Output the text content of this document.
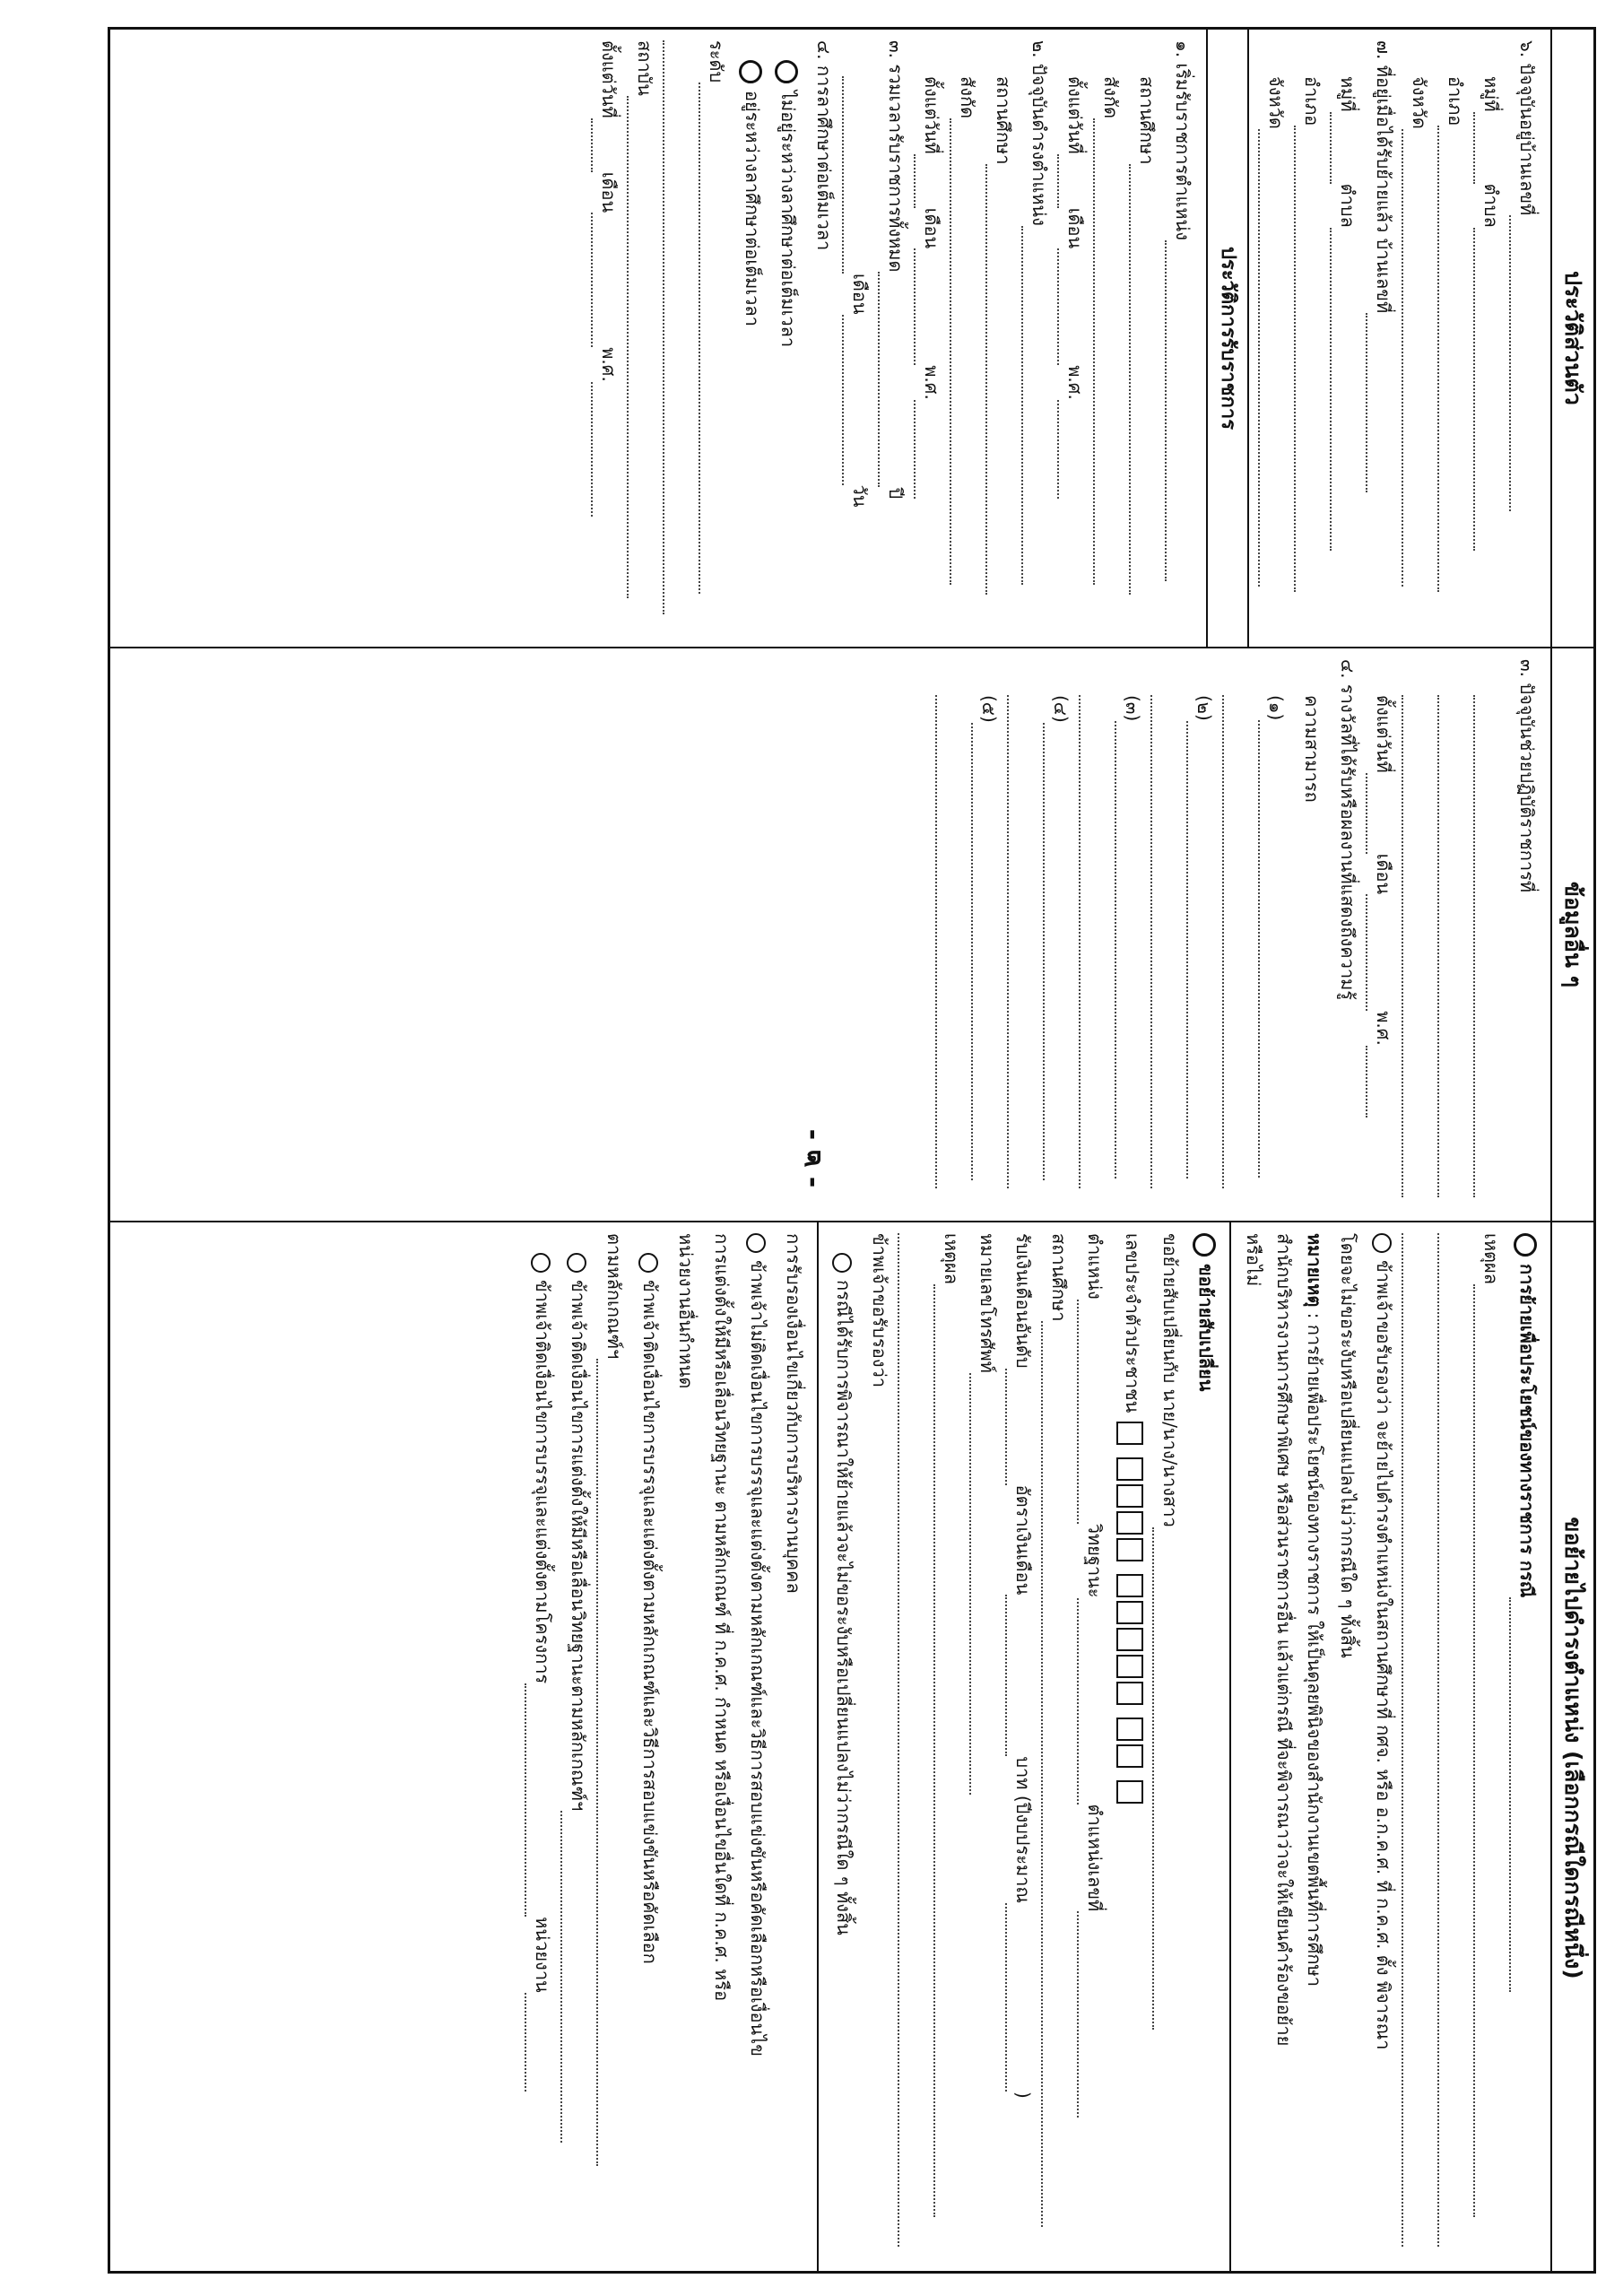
- ๒ -
ประวัติส่วนตัว
๖. ปัจจุบันอยู่บ้านเลขที่
หมู่ที่ตำบล
อำเภอ
จังหวัด
๗. ที่อยู่เมื่อได้รับย้ายแล้ว บ้านเลขที่
หมู่ที่ตำบล
อำเภอ
จังหวัด
ประวัติการรับราชการ
๑. เริ่มรับราชการตำแหน่ง
สถานศึกษา
สังกัด
ตั้งแต่วันที่เดือนพ.ศ.
๒. ปัจจุบันดำรงตำแหน่ง
สถานศึกษา
สังกัด
ตั้งแต่วันที่เดือนพ.ศ.
๓. รวมเวลารับราชการทั้งหมดปี
เดือนวัน
๔. การลาศึกษาต่อเต็มเวลา
ไม่อยู่ระหว่างลาศึกษาต่อเต็มเวลา
อยู่ระหว่างลาศึกษาต่อเต็มเวลา
ระดับ
สถาบัน
ตั้งแต่วันที่เดือนพ.ศ.
ข้อมูลอื่น ๆ
๓. ปัจจุบันช่วยปฏิบัติราชการที่
ตั้งแต่วันที่เดือนพ.ศ.
๔. รางวัลที่ได้รับหรือผลงานที่แสดงถึงความรู้
ความสามารถ
(๑)
(๒)
(๓)
(๔)
(๕)
ขอย้ายไปดำรงตำแหน่ง (เลือกกรณีใดกรณีหนึ่ง)
การย้ายเพื่อประโยชน์ของทางราชการ กรณี
เหตุผล
ข้าพเจ้าขอรับรองว่า จะย้ายไปดำรงตำแหน่งในสถานศึกษาที่ กศจ. หรือ อ.ก.ค.ศ. ที่ ก.ค.ศ. ตั้ง พิจารณา
โดยจะไม่ขอระงับหรือเปลี่ยนแปลงไม่ว่ากรณีใด ๆ ทั้งสิ้น
หมายเหตุ : การย้ายเพื่อประโยชน์ของทางราชการ ให้เป็นดุลยพินิจของสำนักงานเขตพื้นที่การศึกษา
สำนักบริหารงานการศึกษาพิเศษ หรือส่วนราชการอื่น แล้วแต่กรณี ที่จะพิจารณาว่าจะให้เขียนคำร้องขอย้าย
หรือไม่
ขอย้ายสับเปลี่ยน
ขอย้ายสับเปลี่ยนกับ นาย/นาง/นางสาว
เลขประจำตัวประชาชน
ตำแหน่งวิทยฐานะตำแหน่งเลขที่
สถานศึกษา
รับเงินเดือนอันดับอัตราเงินเดือนบาท (ปีงบประมาณ)
หมายเลขโทรศัพท์
เหตุผล
ข้าพเจ้าขอรับรองว่า
กรณีได้รับการพิจารณาให้ย้ายแล้วจะไม่ขอระงับหรือเปลี่ยนแปลงไม่ว่ากรณีใด ๆ ทั้งสิ้น
การรับรองเงื่อนไขเกี่ยวกับการบริหารงานบุคคล
ข้าพเจ้าไม่ติดเงื่อนไขการบรรจุและแต่งตั้งตามหลักเกณฑ์และวิธีการสอบแข่งขันหรือคัดเลือกหรือเงื่อนไข
การแต่งตั้งให้มีหรือเลื่อนวิทยฐานะ ตามหลักเกณฑ์ ที่ ก.ค.ศ. กำหนด หรือเงื่อนไขอื่นใดที่ ก.ค.ศ. หรือ
หน่วยงานอื่นกำหนด
ข้าพเจ้าติดเงื่อนไขการบรรจุและแต่งตั้งตามหลักเกณฑ์และวิธีการสอบแข่งขันหรือคัดเลือก
ตามหลักเกณฑ์ฯ
ข้าพเจ้าติดเงื่อนไขการแต่งตั้งให้มีหรือเลื่อนวิทยฐานะตามหลักเกณฑ์ฯ
ข้าพเจ้าติดเงื่อนไขการบรรจุและแต่งตั้งตามโครงการหน่วยงาน
